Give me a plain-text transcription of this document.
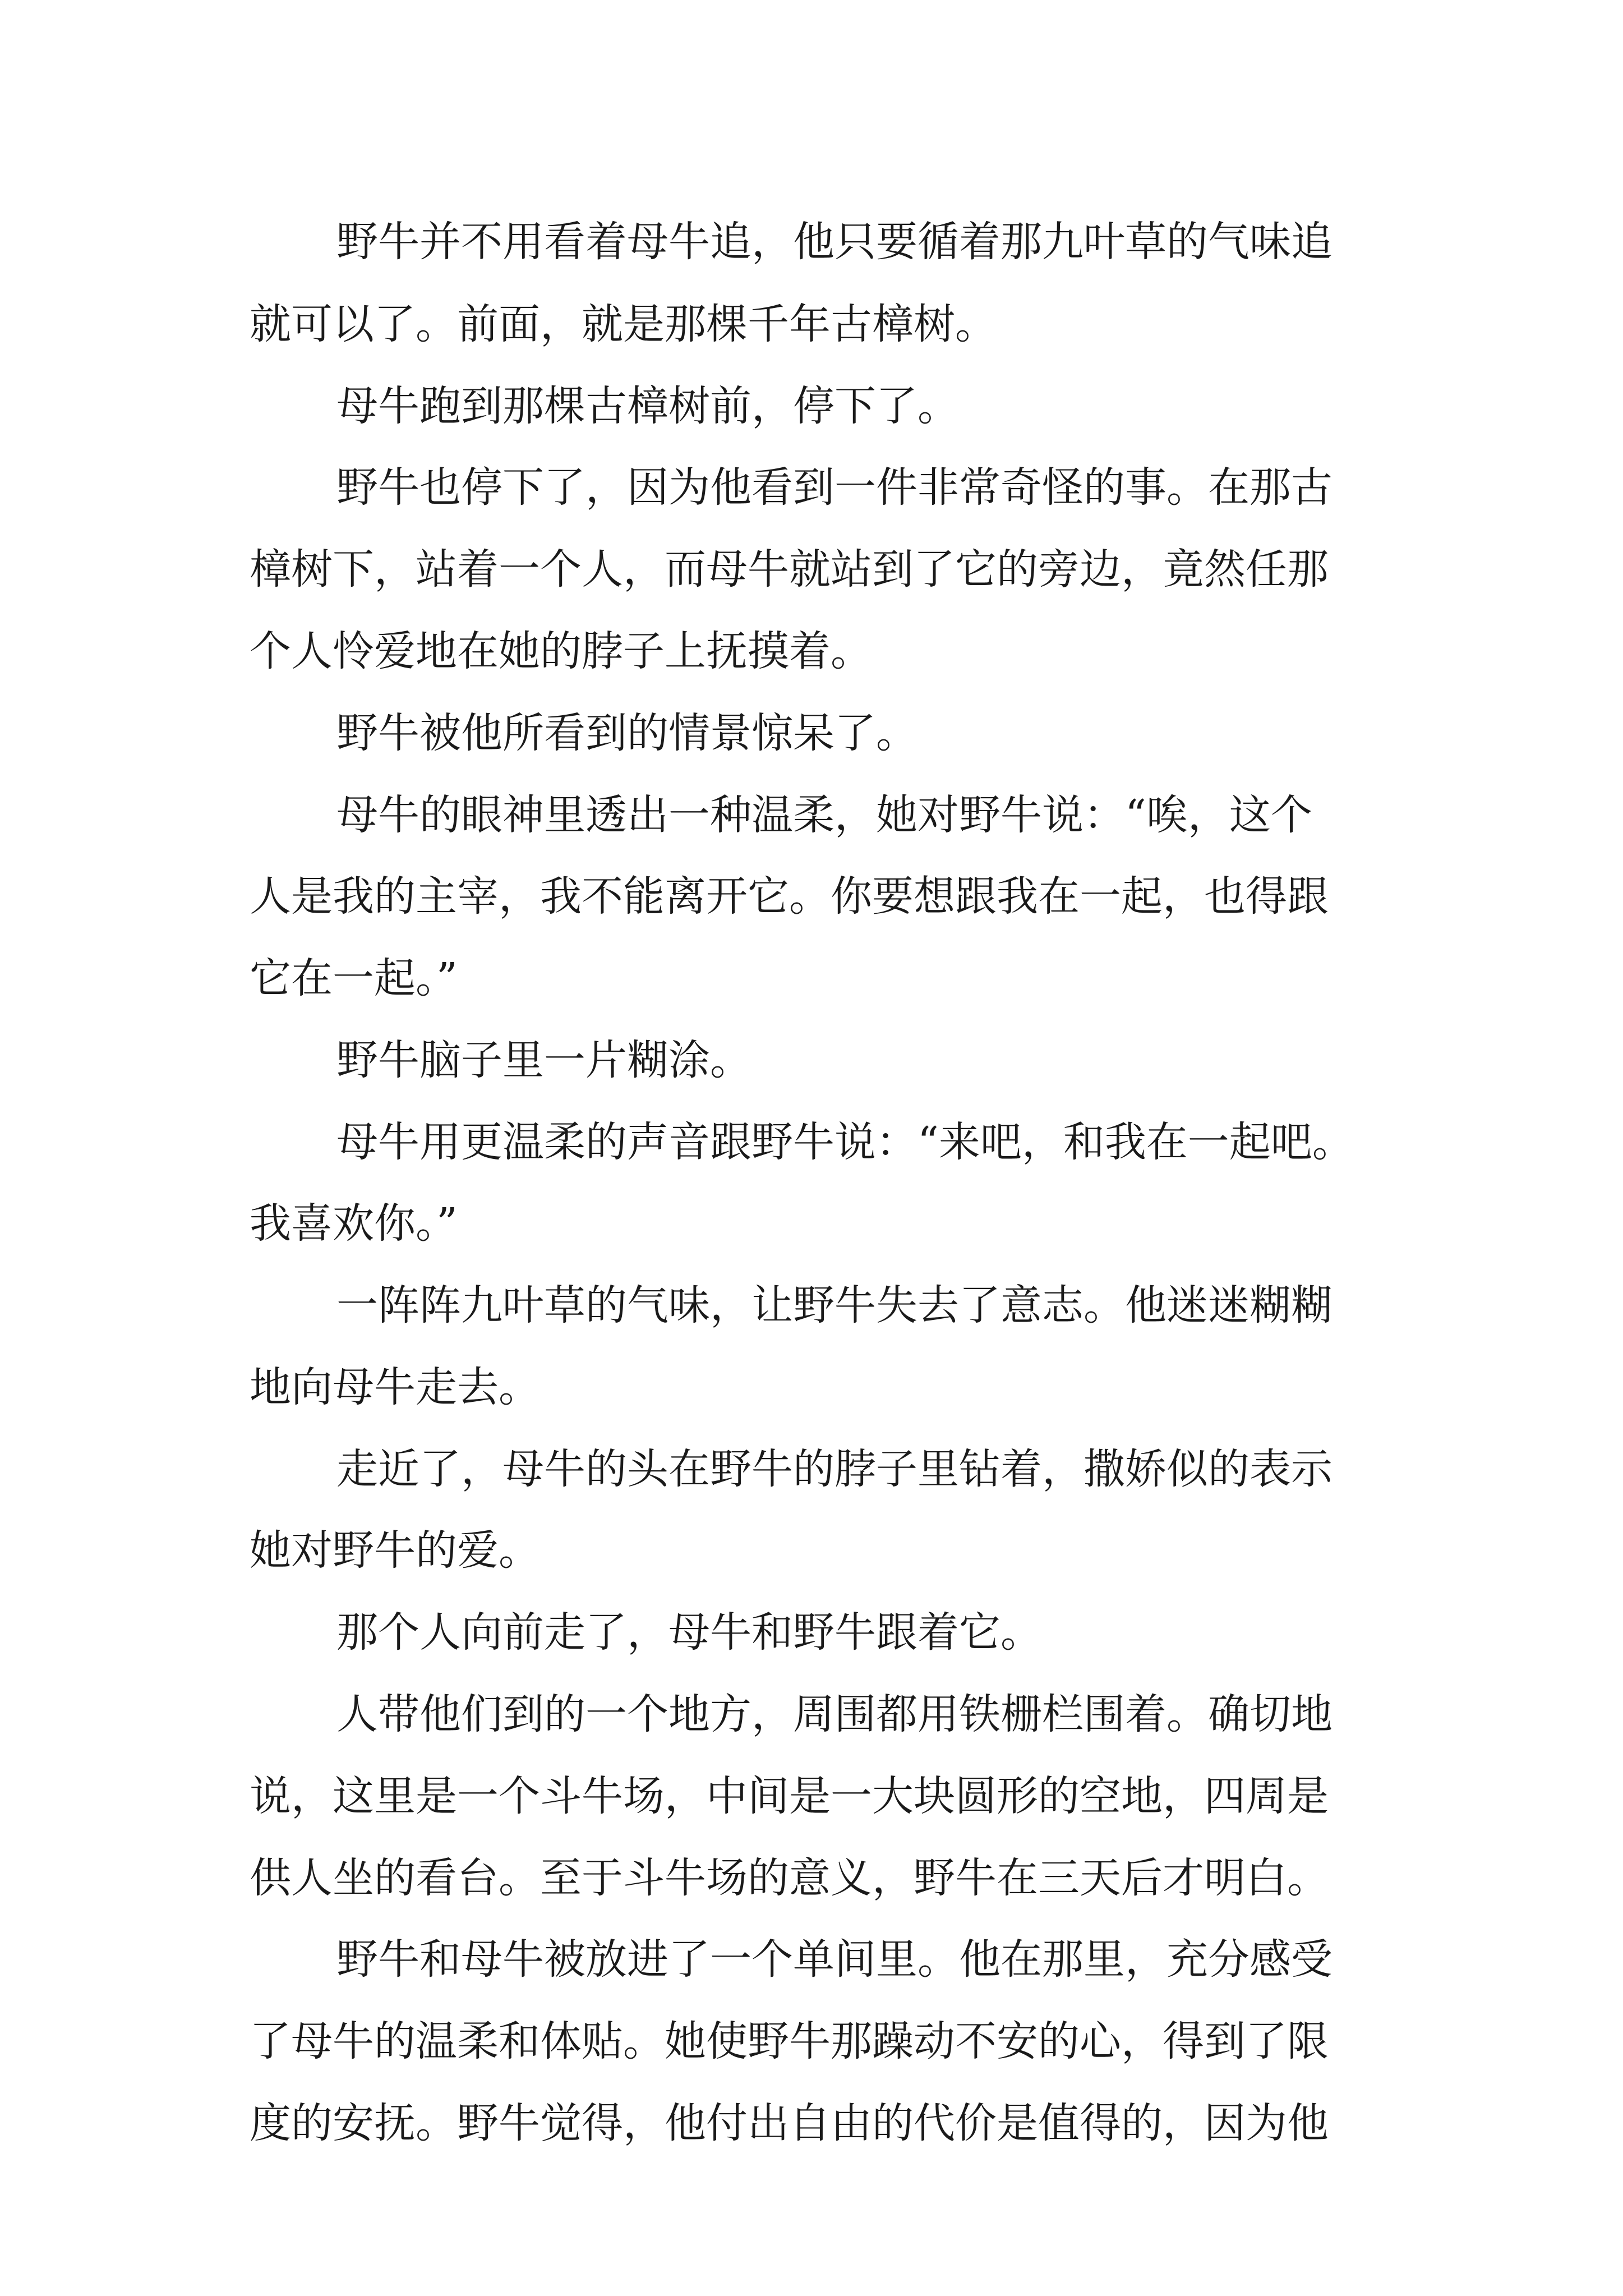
野牛并不用看着母牛追，他只要循着那九叶草的气味追

就可以了。前面，就是那棵千年古樟树。

母牛跑到那棵古樟树前，停下了。

野牛也停下了，因为他看到一件非常奇怪的事。在那古

樟树下，站着一个人，而母牛就站到了它的旁边，竟然任那

个人怜爱地在她的脖子上抚摸着。

野牛被他所看到的情景惊呆了。

母牛的眼神里透出一种温柔，她对野牛说：“唉，这个

人是我的主宰，我不能离开它。你要想跟我在一起，也得跟

它在一起。”

野牛脑子里一片糊涂。

母牛用更温柔的声音跟野牛说：“来吧，和我在一起吧。

我喜欢你。”

一阵阵九叶草的气味，让野牛失去了意志。他迷迷糊糊

地向母牛走去。

走近了，母牛的头在野牛的脖子里钻着，撒娇似的表示

她对野牛的爱。

那个人向前走了，母牛和野牛跟着它。

人带他们到的一个地方，周围都用铁栅栏围着。确切地

说，这里是一个斗牛场，中间是一大块圆形的空地，四周是

供人坐的看台。至于斗牛场的意义，野牛在三天后才明白。

野牛和母牛被放进了一个单间里。他在那里，充分感受

了母牛的温柔和体贴。她使野牛那躁动不安的心，得到了限

度的安抚。野牛觉得，他付出自由的代价是值得的，因为他
